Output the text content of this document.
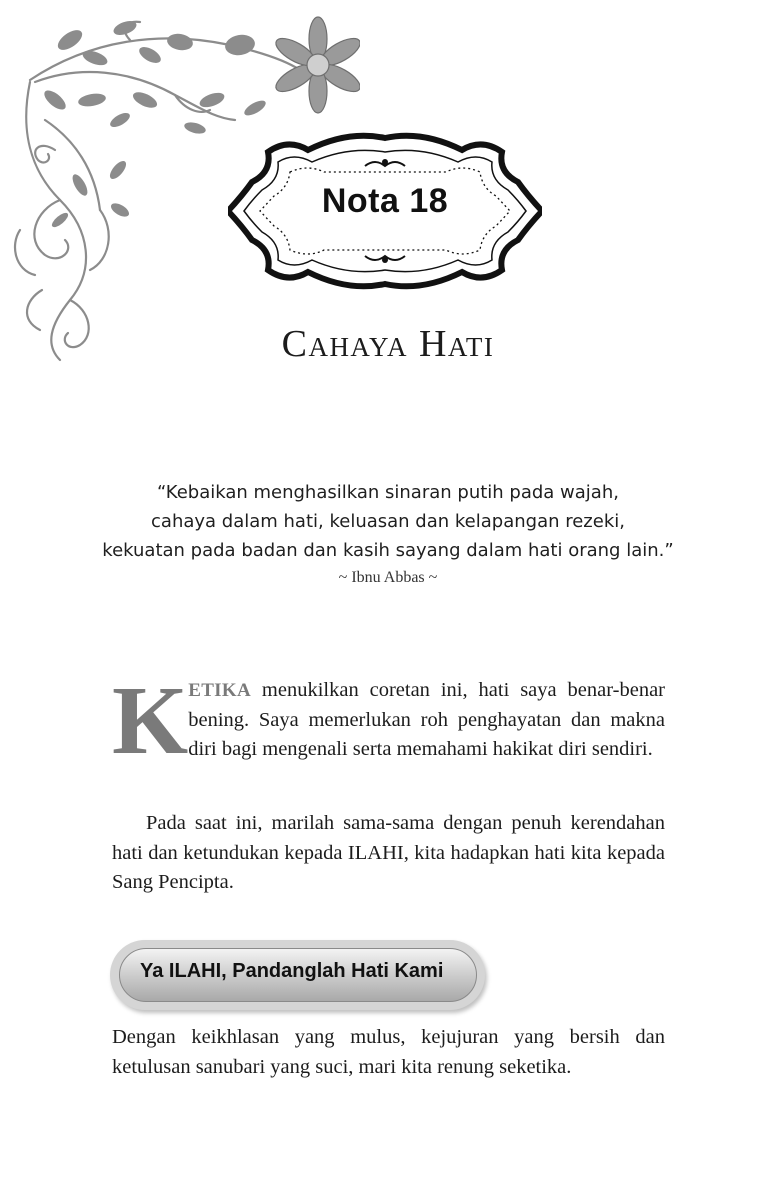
Nota 18
Cahaya Hati
“Kebaikan menghasilkan sinaran putih pada wajah,
cahaya dalam hati, keluasan dan kelapangan rezeki,
kekuatan pada badan dan kasih sayang dalam hati orang lain.”
~ Ibnu Abbas ~
KETIKA menukilkan coretan ini, hati saya benar-benar bening. Saya memerlukan roh penghayatan dan makna diri bagi mengenali serta memahami hakikat diri sendiri.
Pada saat ini, marilah sama-sama dengan penuh kerendahan hati dan ketundukan kepada ILAHI, kita hadapkan hati kita kepada Sang Pencipta.
Ya ILAHI, Pandanglah Hati Kami
Dengan keikhlasan yang mulus, kejujuran yang bersih dan ketulusan sanubari yang suci, mari kita renung seketika.
